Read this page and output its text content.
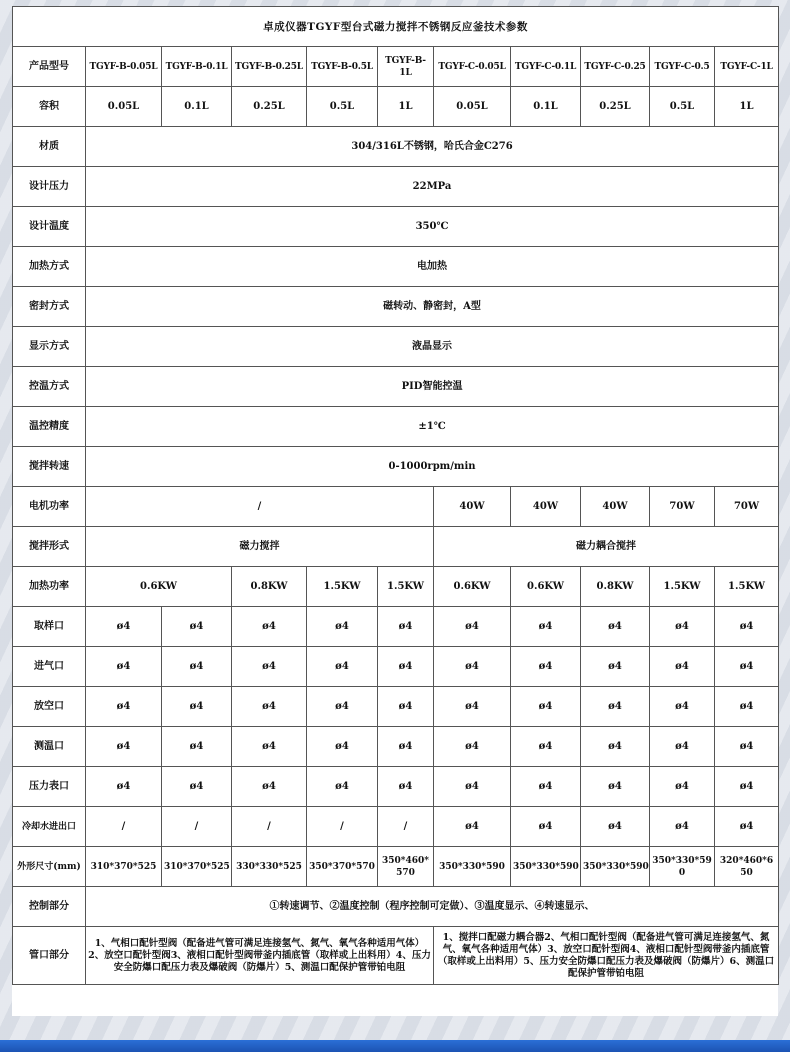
卓成仪器TGYF型台式磁力搅拌不锈钢反应釜技术参数										
产品型号	TGYF-B-0.05L	TGYF-B-0.1L	TGYF-B-0.25L	TGYF-B-0.5L	TGYF-B-1L	TGYF-C-0.05L	TGYF-C-0.1L	TGYF-C-0.25	TGYF-C-0.5	TGYF-C-1L
容积	0.05L	0.1L	0.25L	0.5L	1L	0.05L	0.1L	0.25L	0.5L	1L
材质	304/316L不锈钢，哈氏合金C276									
设计压力	22MPa									
设计温度	350℃									
加热方式	电加热									
密封方式	磁转动、静密封，A型									
显示方式	液晶显示									
控温方式	PID智能控温									
温控精度	±1℃									
搅拌转速	0-1000rpm/min									
电机功率	/					40W	40W	40W	70W	70W
搅拌形式	磁力搅拌					磁力耦合搅拌				
加热功率	0.6KW		0.8KW	1.5KW	1.5KW	0.6KW	0.6KW	0.8KW	1.5KW	1.5KW
取样口	ø4	ø4	ø4	ø4	ø4	ø4	ø4	ø4	ø4	ø4
进气口	ø4	ø4	ø4	ø4	ø4	ø4	ø4	ø4	ø4	ø4
放空口	ø4	ø4	ø4	ø4	ø4	ø4	ø4	ø4	ø4	ø4
测温口	ø4	ø4	ø4	ø4	ø4	ø4	ø4	ø4	ø4	ø4
压力表口	ø4	ø4	ø4	ø4	ø4	ø4	ø4	ø4	ø4	ø4
冷却水进出口	/	/	/	/	/	ø4	ø4	ø4	ø4	ø4
外形尺寸(mm)	310*370*525	310*370*525	330*330*525	350*370*570	350*460*570	350*330*590	350*330*590	350*330*590	350*330*590	320*460*650
控制部分	①转速调节、②温度控制（程序控制可定做）、③温度显示、④转速显示、									
管口部分	1、气相口配针型阀（配备进气管可满足连接氢气、氮气、氧气各种适用气体）2、放空口配针型阀3、液相口配针型阀带釜内插底管（取样或上出料用）4、压力安全防爆口配压力表及爆破阀（防爆片）5、测温口配保护管带铂电阻					1、搅拌口配磁力耦合器2、气相口配针型阀（配备进气管可满足连接氢气、氮气、氧气各种适用气体）3、放空口配针型阀4、液相口配针型阀带釜内插底管（取样或上出料用）5、压力安全防爆口配压力表及爆破阀（防爆片）6、测温口配保护管带铂电阻				
